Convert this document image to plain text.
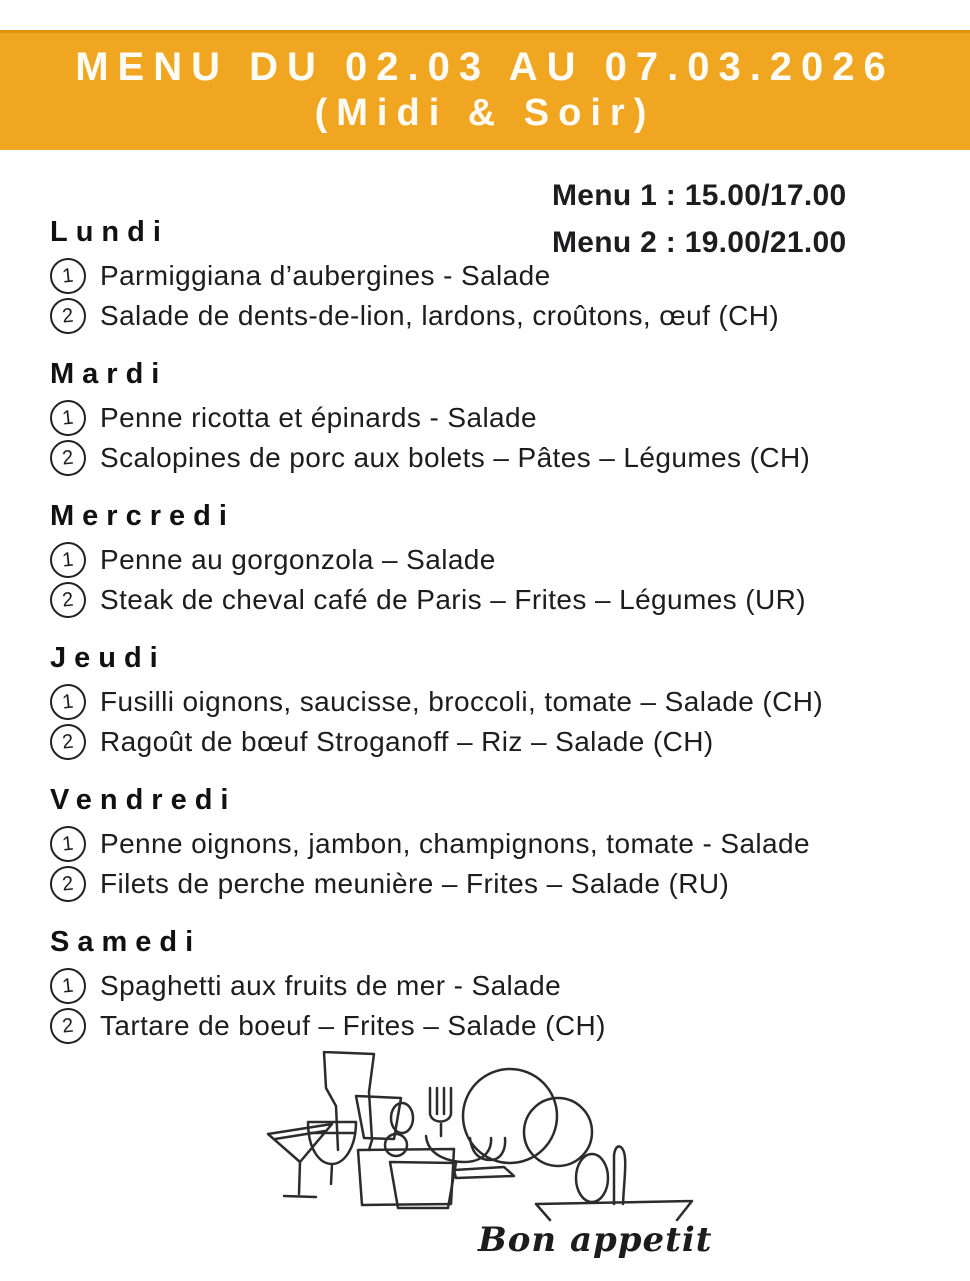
MENU DU 02.03 AU 07.03.2026
(Midi & Soir)
Menu 1 : 15.00/17.00
Menu 2 : 19.00/21.00
Lundi
1 Parmiggiana d’aubergines - Salade
2 Salade de dents-de-lion, lardons, croûtons, œuf (CH)
Mardi
1 Penne ricotta et épinards - Salade
2 Scalopines de porc aux bolets – Pâtes – Légumes (CH)
Mercredi
1 Penne au gorgonzola – Salade
2 Steak de cheval café de Paris – Frites – Légumes (UR)
Jeudi
1 Fusilli oignons, saucisse, broccoli, tomate – Salade (CH)
2 Ragoût de bœuf Stroganoff – Riz – Salade (CH)
Vendredi
1 Penne oignons, jambon, champignons, tomate - Salade
2 Filets de perche meunière – Frites – Salade (RU)
Samedi
1 Spaghetti aux fruits de mer - Salade
2 Tartare de boeuf – Frites – Salade (CH)
Bon appetit
